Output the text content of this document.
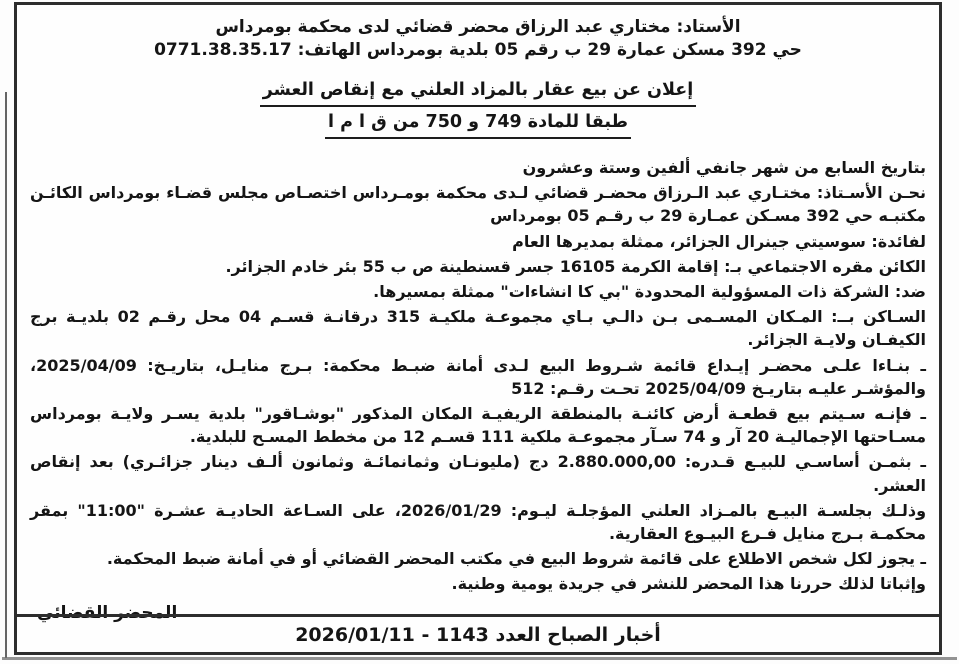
الأستاد: مختاري عبد الرزاق محضر قضائي لدى محكمة بومرداس
حي 392 مسكن عمارة 29 ب رقم 05 بلدية بومرداس الهاتف: 0771.38.35.17
إعلان عن بيع عقار بالمزاد العلني مع إنقاص العشر
طبقا للمادة 749 و 750 من ق ا م ا

بتاريخ السابع من شهر جانفي ألفين وستة وعشرون

نحـن الأسـتاذ: مختـاري عبد الـرزاق محضـر قضائي لـدى محكمة بومـرداس اختصـاص مجلس قضـاء بومرداس الكائـن مكتبـه حي 392 مسـكن عمـارة 29 ب رقـم 05 بومرداس

لفائدة: سوسيتي جينرال الجزائر، ممثلة بمديرها العام

الكائن مقره الاجتماعي بـ: إقامة الكرمة 16105 جسر قسنطينة ص ب 55 بئر خادم الجزائر.

ضد: الشركة ذات المسؤولية المحدودة "بي كا انشاءات" ممثلة بمسيرها.

السـاكن بــ: المـكان المسـمى بـن دالـي بـاي مجموعـة ملكيـة 315 درقانـة قسـم 04 محل رقـم 02 بلديـة برج الكيفـان ولايـة الجزائر.

ـ بنـاءا علـى محضـر إيـداع قائمة شـروط البيع لـدى أمانة ضبـط محكمة: بـرج منايـل، بتاريـخ: 2025/04/09، والمؤشـر عليـه بتاريـخ 2025/04/09 تحـت رقـم: 512

ـ فإنـه سـيتم بيع قطعـة أرض كائنـة بالمنطقة الريفيـة المكان المذكور "بوشـاقور" بلدية يسـر ولايـة بومرداس مسـاحتها الإجماليـة 20 آر و 74 سـآر مجموعـة ملكية 111 قسـم 12 من مخطط المسـح للبلدية.

ـ بثمـن أساسـي للبيـع قـدره: 2.880.000,00 دج (مليونـان وثمانمائـة وثمانون ألـف دينار جزائـري) بعد إنقاص العشر.

وذلـك بجلسـة البيـع بالمـزاد العلني المؤجلـة ليـوم: 2026/01/29، على السـاعة الحاديـة عشـرة "11:00" بمقر محكمـة بـرج منايل فـرع البيـوع العقارية.

ـ يجوز لكل شخص الاطلاع على قائمة شروط البيع في مكتب المحضر القضائي أو في أمانة ضبط المحكمة.

وإثباتا لذلك حررنا هذا المحضر للنشر في جريدة يومية وطنية.

المحضر القضائي
أخبار الصباح العدد 1143 - 2026/01/11
